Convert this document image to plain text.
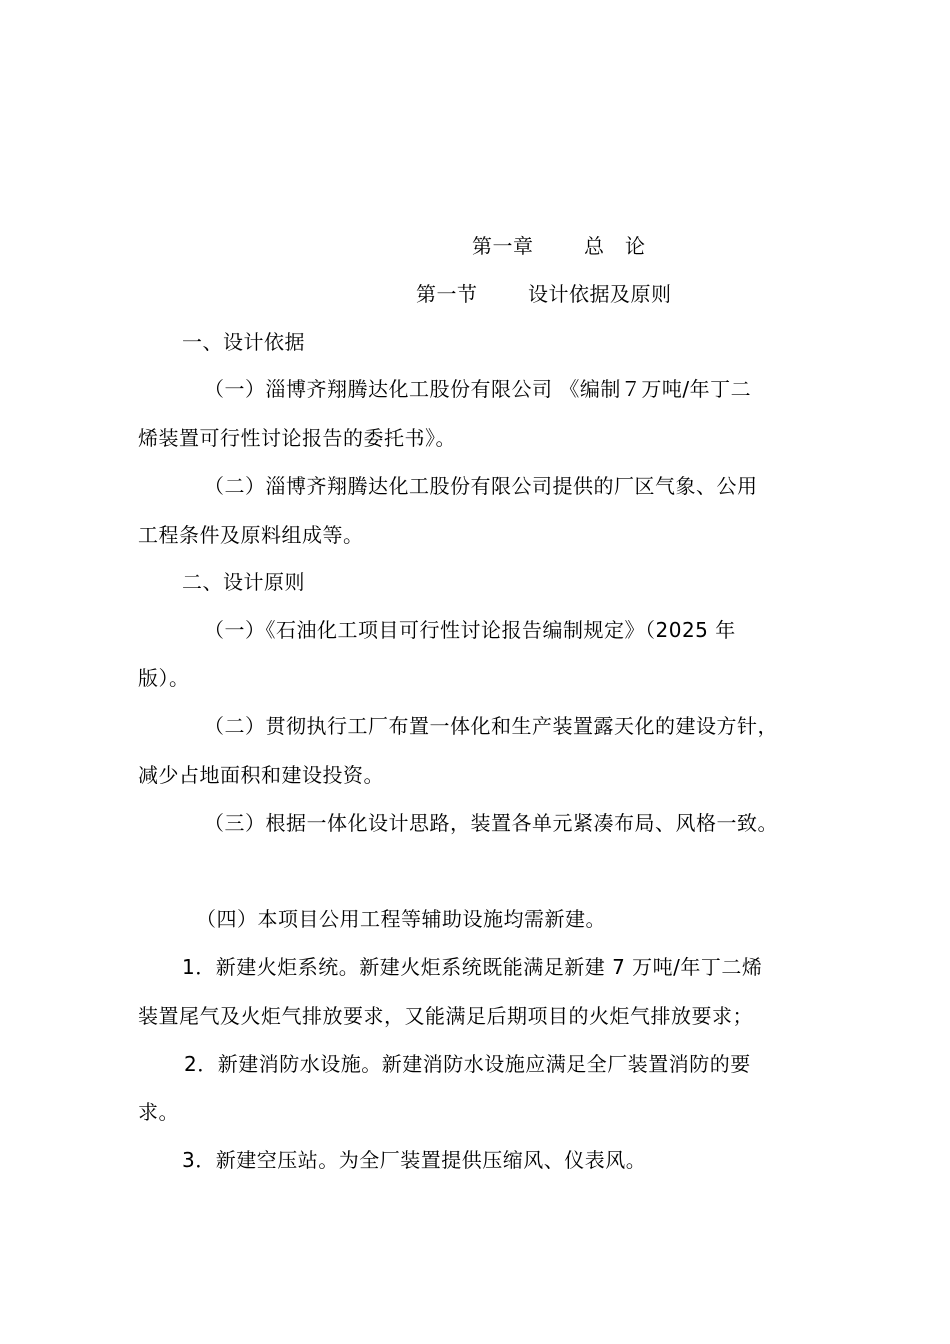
第一章	总　论
第一节	设计依据及原则
一、设计依据
（一）淄博齐翔腾达化工股份有限公司 《编制７万吨/年丁二
烯装置可行性讨论报告的委托书》。
（二）淄博齐翔腾达化工股份有限公司提供的厂区气象、公用
工程条件及原料组成等。
二、设计原则
（一）《石油化工项目可行性讨论报告编制规定》（2025 年
版）。
（二）贯彻执行工厂布置一体化和生产装置露天化的建设方针，
减少占地面积和建设投资。
（三）根据一体化设计思路，装置各单元紧凑布局、风格一致。
（四）本项目公用工程等辅助设施均需新建。
1．新建火炬系统。新建火炬系统既能满足新建 7 万吨/年丁二烯
装置尾气及火炬气排放要求，又能满足后期项目的火炬气排放要求；
2．新建消防水设施。新建消防水设施应满足全厂装置消防的要
求。
3．新建空压站。为全厂装置提供压缩风、仪表风。
